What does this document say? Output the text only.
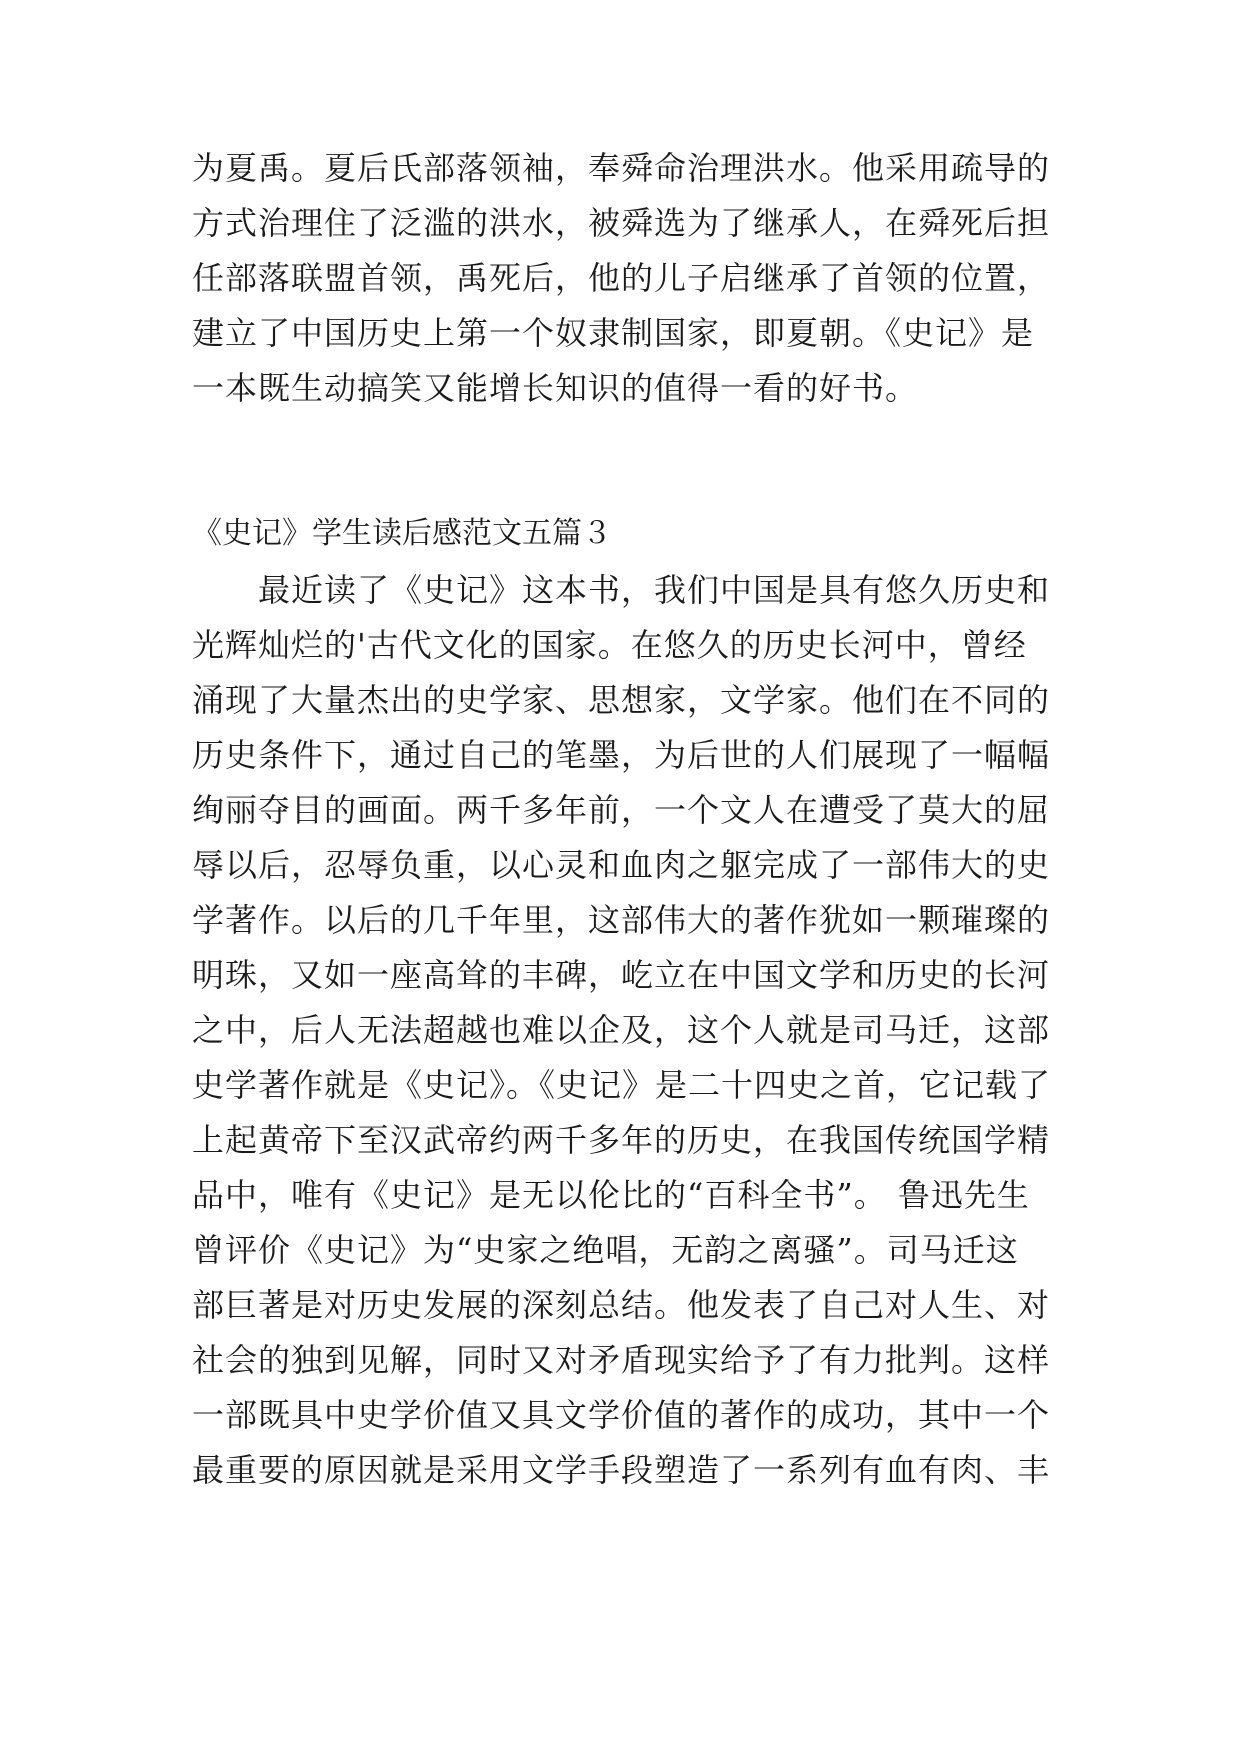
为夏禹。夏后氏部落领袖，奉舜命治理洪水。他采用疏导的
方式治理住了泛滥的洪水，被舜选为了继承人，在舜死后担
任部落联盟首领，禹死后，他的儿子启继承了首领的位置，
建立了中国历史上第一个奴隶制国家，即夏朝。《史记》是
一本既生动搞笑又能增长知识的值得一看的好书。
《史记》学生读后感范文五篇３
　　最近读了《史记》这本书，我们中国是具有悠久历史和
光辉灿烂的'古代文化的国家。在悠久的历史长河中，曾经
涌现了大量杰出的史学家、思想家，文学家。他们在不同的
历史条件下，通过自己的笔墨，为后世的人们展现了一幅幅
绚丽夺目的画面。两千多年前，一个文人在遭受了莫大的屈
辱以后，忍辱负重，以心灵和血肉之躯完成了一部伟大的史
学著作。以后的几千年里，这部伟大的著作犹如一颗璀璨的
明珠，又如一座高耸的丰碑，屹立在中国文学和历史的长河
之中，后人无法超越也难以企及，这个人就是司马迁，这部
史学著作就是《史记》。《史记》是二十四史之首，它记载了
上起黄帝下至汉武帝约两千多年的历史，在我国传统国学精
品中，唯有《史记》是无以伦比的“百科全书”。 鲁迅先生
曾评价《史记》为“史家之绝唱，无韵之离骚”。司马迁这
部巨著是对历史发展的深刻总结。他发表了自己对人生、对
社会的独到见解，同时又对矛盾现实给予了有力批判。这样
一部既具中史学价值又具文学价值的著作的成功，其中一个
最重要的原因就是采用文学手段塑造了一系列有血有肉、丰
